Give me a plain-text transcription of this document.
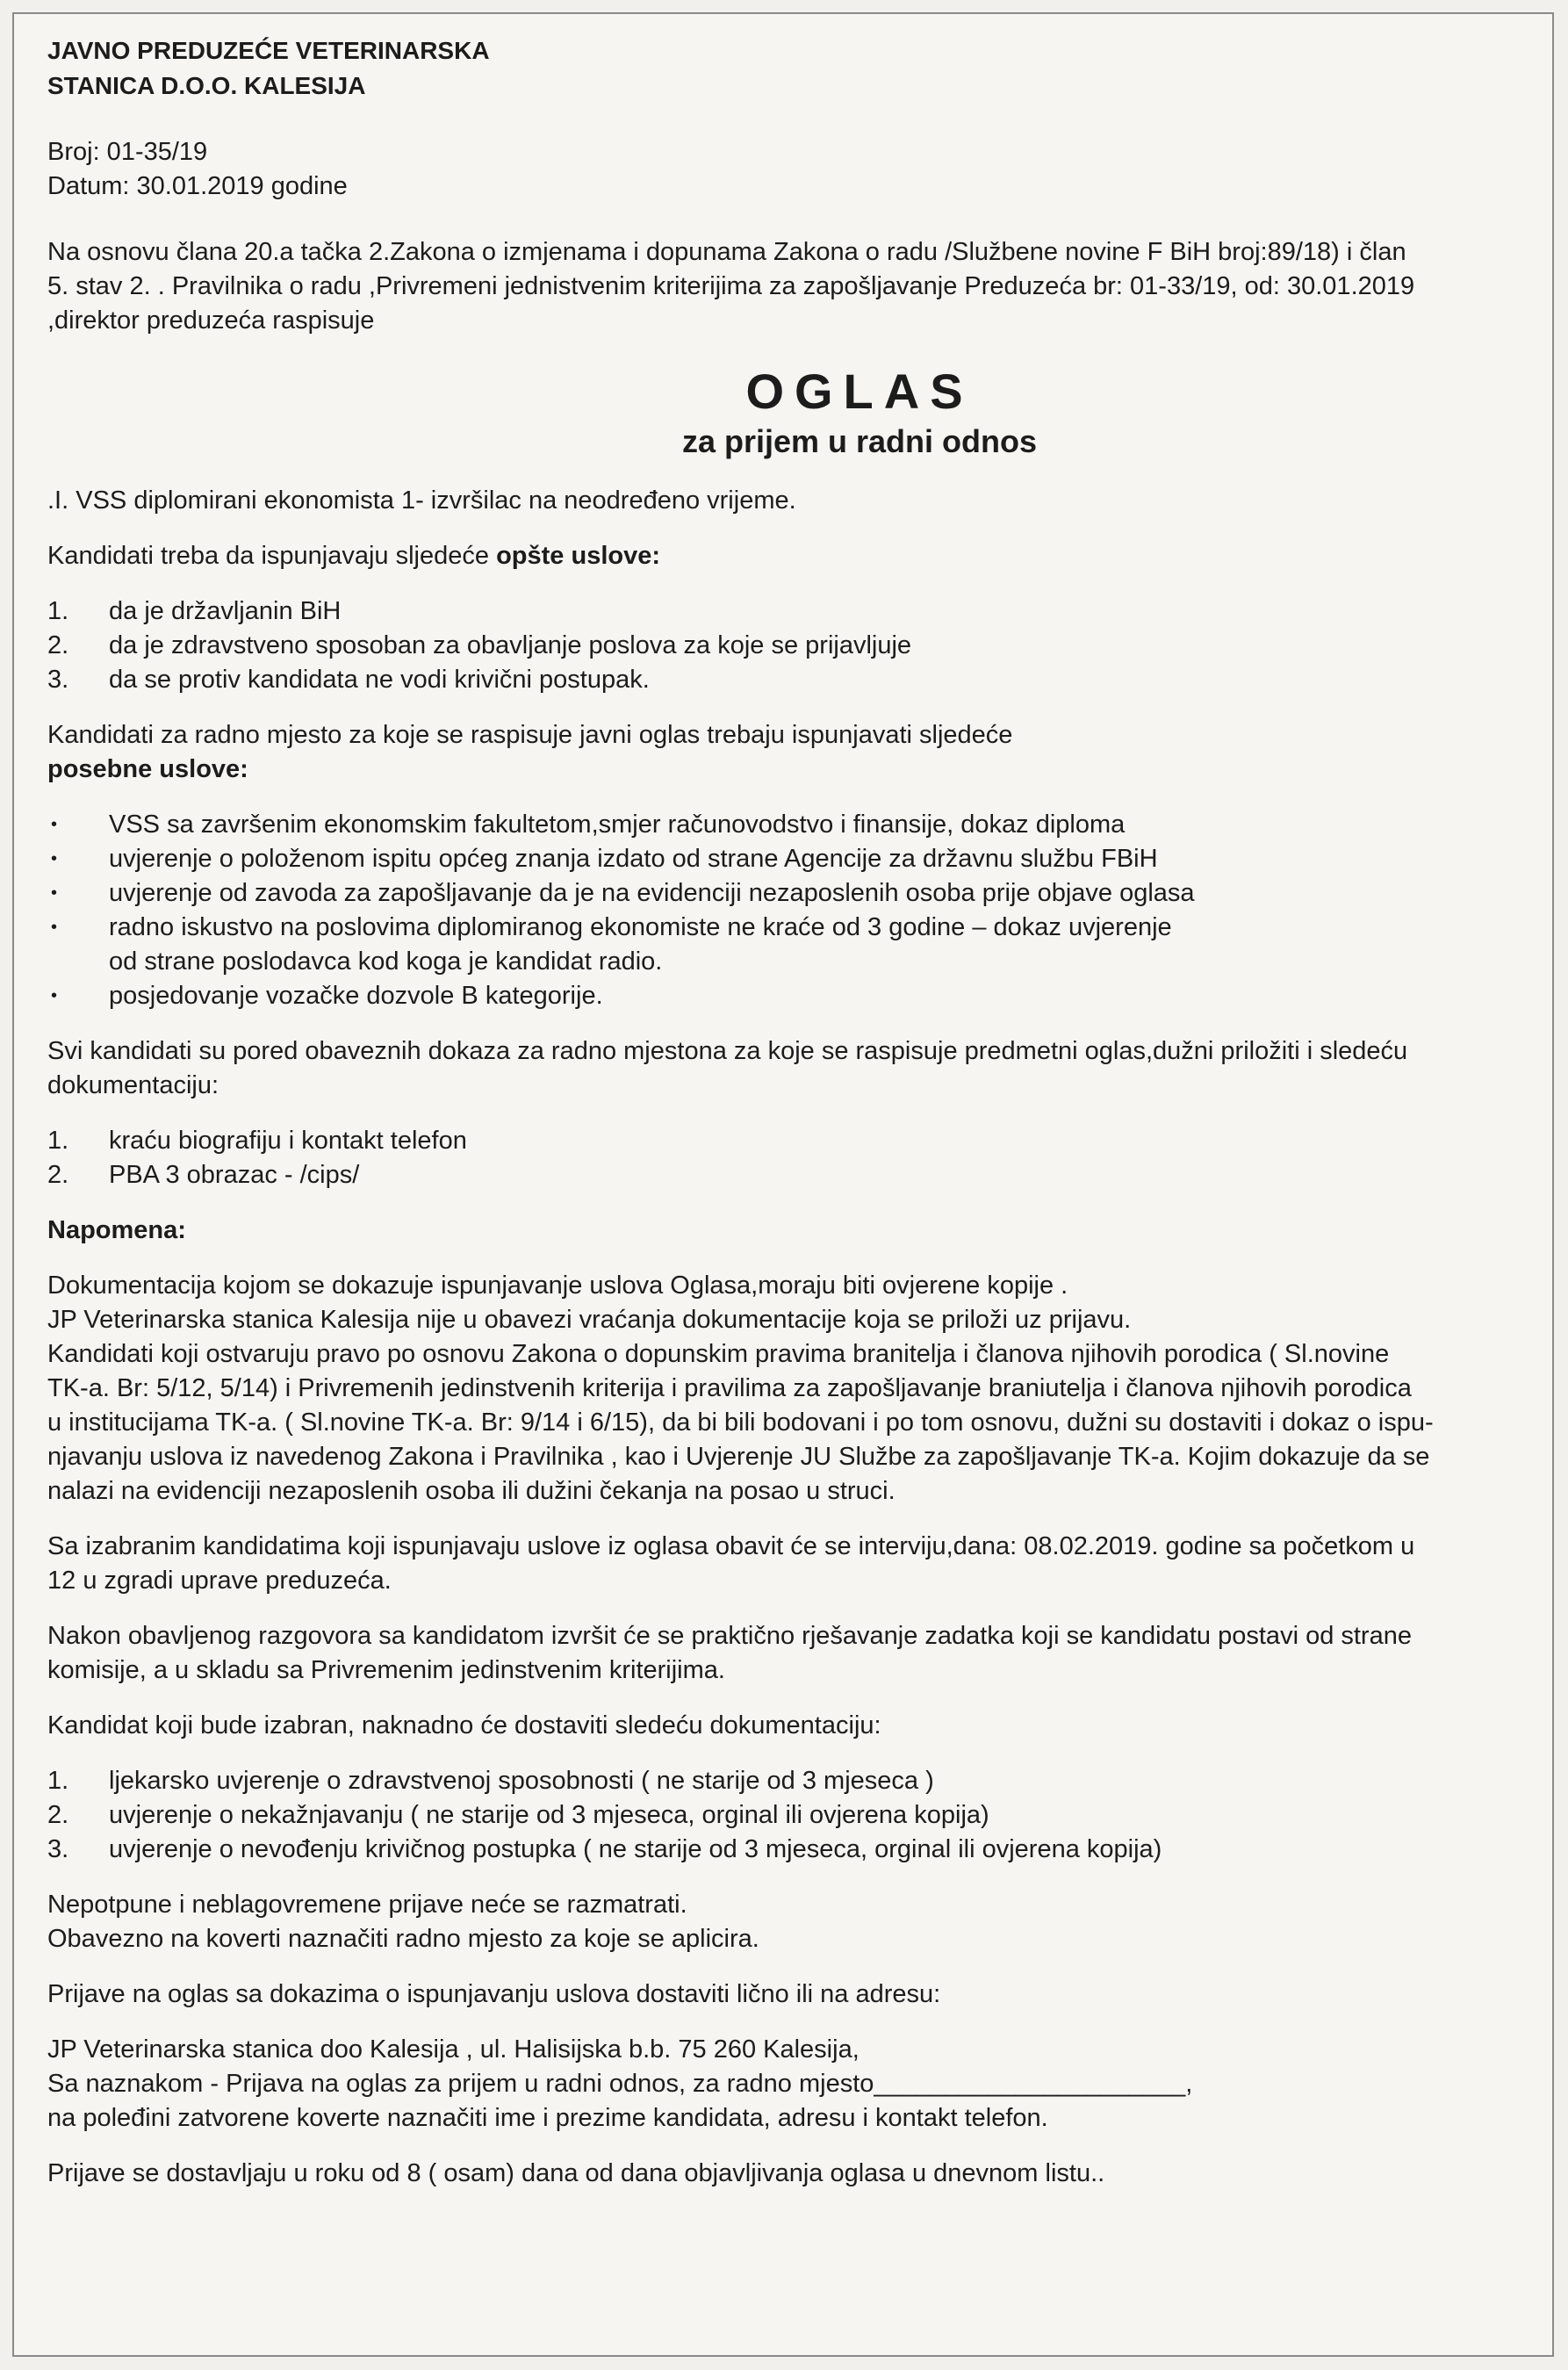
JAVNO PREDUZEĆE VETERINARSKA

STANICA D.O.O. KALESIJA

Broj: 01-35/19

Datum: 30.01.2019 godine

Na osnovu člana 20.a tačka 2.Zakona o izmjenama i dopunama Zakona o radu /Službene novine F BiH broj:89/18) i član

5. stav 2. . Pravilnika o radu ,Privremeni jednistvenim kriterijima za zapošljavanje Preduzeća br: 01-33/19, od: 30.01.2019

,direktor preduzeća raspisuje

OGLAS
za prijem u radni odnos

.I. VSS diplomirani ekonomista 1- izvršilac na neodređeno vrijeme.

Kandidati treba da ispunjavaju sljedeće opšte uslove:

1. da je državljanin BiH
2. da je zdravstveno sposoban za obavljanje poslova za koje se prijavljuje
3. da se protiv kandidata ne vodi krivični postupak.

Kandidati za radno mjesto za koje se raspisuje javni oglas trebaju ispunjavati sljedeće

posebne uslove:

• VSS sa završenim ekonomskim fakultetom,smjer računovodstvo i finansije, dokaz diploma
• uvjerenje o položenom ispitu općeg znanja izdato od strane Agencije za državnu službu FBiH
• uvjerenje od zavoda za zapošljavanje da je na evidenciji nezaposlenih osoba prije objave oglasa
• radno iskustvo na poslovima diplomiranog ekonomiste ne kraće od 3 godine – dokaz uvjerenje
od strane poslodavca kod koga je kandidat radio.
• posjedovanje vozačke dozvole B kategorije.

Svi kandidati su pored obaveznih dokaza za radno mjestona za koje se raspisuje predmetni oglas,dužni priložiti i sledeću

dokumentaciju:

1. kraću biografiju i kontakt telefon
2. PBA 3 obrazac - /cips/

Napomena:

Dokumentacija kojom se dokazuje ispunjavanje uslova Oglasa,moraju biti ovjerene kopije .

JP Veterinarska stanica Kalesija nije u obavezi vraćanja dokumentacije koja se priloži uz prijavu.

Kandidati koji ostvaruju pravo po osnovu Zakona o dopunskim pravima branitelja i članova njihovih porodica ( Sl.novine

TK-a. Br: 5/12, 5/14) i Privremenih jedinstvenih kriterija i pravilima za zapošljavanje braniutelja i članova njihovih porodica

u institucijama TK-a. ( Sl.novine TK-a. Br: 9/14 i 6/15), da bi bili bodovani i po tom osnovu, dužni su dostaviti i dokaz o ispu-

njavanju uslova iz navedenog Zakona i Pravilnika , kao i Uvjerenje JU Službe za zapošljavanje TK-a. Kojim dokazuje da se

nalazi na evidenciji nezaposlenih osoba ili dužini čekanja na posao u struci.

Sa izabranim kandidatima koji ispunjavaju uslove iz oglasa obavit će se interviju,dana: 08.02.2019. godine sa početkom u

12 u zgradi uprave preduzeća.

Nakon obavljenog razgovora sa kandidatom izvršit će se praktično rješavanje zadatka koji se kandidatu postavi od strane

komisije, a u skladu sa Privremenim jedinstvenim kriterijima.

Kandidat koji bude izabran, naknadno će dostaviti sledeću dokumentaciju:

1. ljekarsko uvjerenje o zdravstvenoj sposobnosti ( ne starije od 3 mjeseca )
2. uvjerenje o nekažnjavanju ( ne starije od 3 mjeseca, orginal ili ovjerena kopija)
3. uvjerenje o nevođenju krivičnog postupka ( ne starije od 3 mjeseca, orginal ili ovjerena kopija)

Nepotpune i neblagovremene prijave neće se razmatrati.

Obavezno na koverti naznačiti radno mjesto za koje se aplicira.

Prijave na oglas sa dokazima o ispunjavanju uslova dostaviti lično ili na adresu:

JP Veterinarska stanica doo Kalesija , ul. Halisijska b.b. 75 260 Kalesija,

Sa naznakom - Prijava na oglas za prijem u radni odnos, za radno mjesto______________________,

na poleđini zatvorene koverte naznačiti ime i prezime kandidata, adresu i kontakt telefon.

Prijave se dostavljaju u roku od 8 ( osam) dana od dana objavljivanja oglasa u dnevnom listu..
